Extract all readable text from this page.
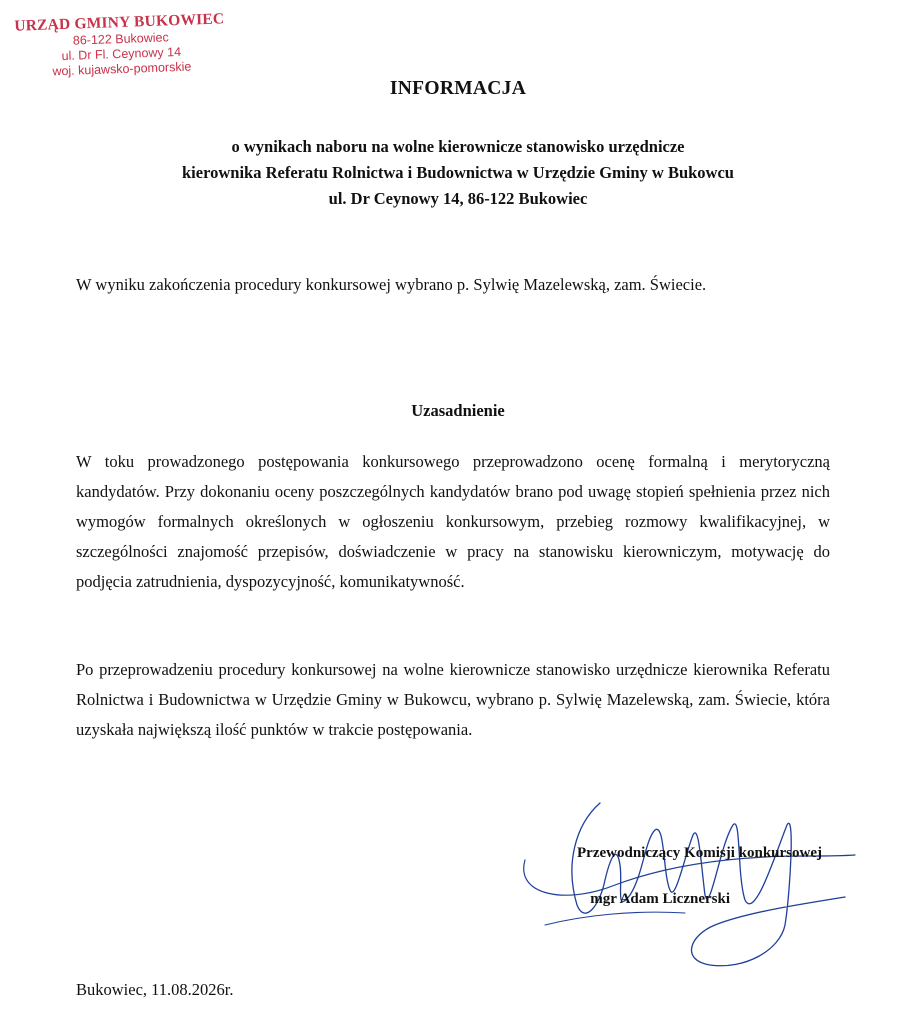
URZĄD GMINY BUKOWIEC
86-122 Bukowiec
ul. Dr Fl. Ceynowy 14
woj. kujawsko-pomorskie
INFORMACJA
o wynikach naboru na wolne kierownicze stanowisko urzędnicze
kierownika Referatu Rolnictwa i Budownictwa w Urzędzie Gminy w Bukowcu
ul. Dr Ceynowy 14, 86-122 Bukowiec
W wyniku zakończenia procedury konkursowej wybrano p. Sylwię Mazelewską, zam. Świecie.
Uzasadnienie
W toku prowadzonego postępowania konkursowego przeprowadzono ocenę formalną i merytoryczną kandydatów. Przy dokonaniu oceny poszczególnych kandydatów brano pod uwagę stopień spełnienia przez nich wymogów formalnych określonych w ogłoszeniu konkursowym, przebieg rozmowy kwalifikacyjnej, w szczególności znajomość przepisów, doświadczenie w pracy na stanowisku kierowniczym, motywację do podjęcia zatrudnienia, dyspozycyjność, komunikatywność.
Po przeprowadzeniu procedury konkursowej na wolne kierownicze stanowisko urzędnicze kierownika Referatu Rolnictwa i Budownictwa w Urzędzie Gminy w Bukowcu, wybrano p. Sylwię Mazelewską, zam. Świecie, która uzyskała największą ilość punktów w trakcie postępowania.
Przewodniczący Komisji konkursowej
mgr Adam Licznerski
Bukowiec, 11.08.2026r.
